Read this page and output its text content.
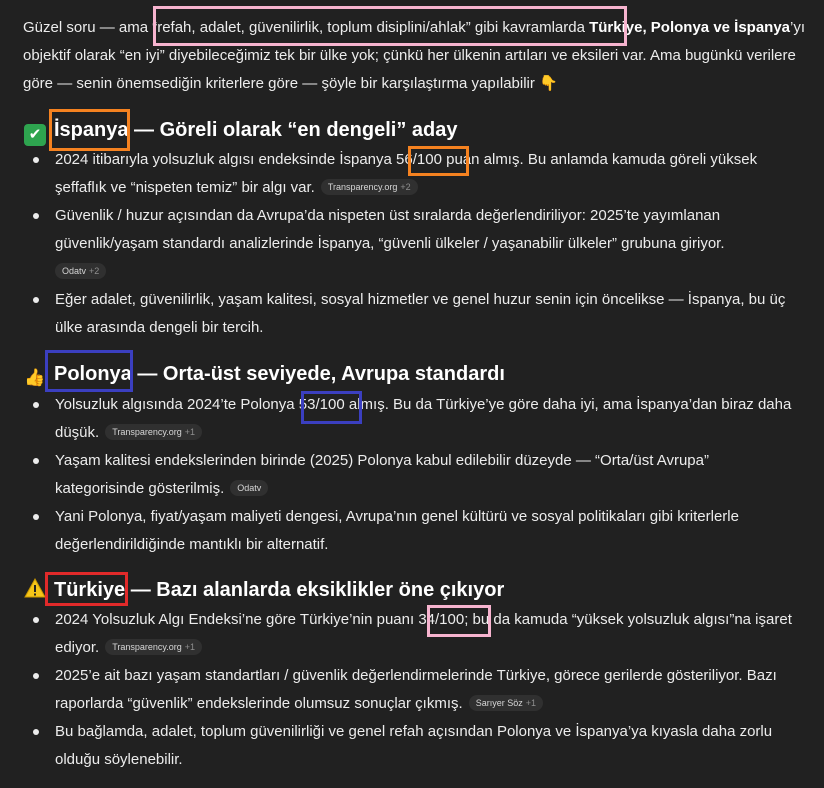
Güzel soru — ama “refah, adalet, güvenilirlik, toplum disiplini/ahlak” gibi kavramlarda Türkiye, Polonya ve İspanya’yı objektif olarak “en iyi” diyebileceğimiz tek bir ülke yok; çünkü her ülkenin artıları ve eksileri var. Ama bugünkü verilere göre — senin önemsediğin kriterlere göre — şöyle bir karşılaştırma yapılabilir 👇

✔ İspanya — Göreli olarak “en dengeli” aday
2024 itibarıyla yolsuzluk algısı endeksinde İspanya 56/100 puan almış. Bu anlamda kamuda göreli yüksek şeffaflık ve “nispeten temiz” bir algı var. Transparency.org +2
Güvenlik / huzur açısından da Avrupa’da nispeten üst sıralarda değerlendiriliyor: 2025’te yayımlanan güvenlik/yaşam standardı analizlerinde İspanya, “güvenli ülkeler / yaşanabilir ülkeler” grubuna giriyor.
Odatv +2
Eğer adalet, güvenilirlik, yaşam kalitesi, sosyal hizmetler ve genel huzur senin için öncelikse — İspanya, bu üç ülke arasında dengeli bir tercih.
👍 Polonya — Orta-üst seviyede, Avrupa standardı
Yolsuzluk algısında 2024’te Polonya 53/100 almış. Bu da Türkiye’ye göre daha iyi, ama İspanya’dan biraz daha düşük. Transparency.org +1
Yaşam kalitesi endekslerinden birinde (2025) Polonya kabul edilebilir düzeyde — “Orta/üst Avrupa” kategorisinde gösterilmiş. Odatv
Yani Polonya, fiyat/yaşam maliyeti dengesi, Avrupa’nın genel kültürü ve sosyal politikaları gibi kriterlerle değerlendirildiğinde mantıklı bir alternatif.
Türkiye — Bazı alanlarda eksiklikler öne çıkıyor
2024 Yolsuzluk Algı Endeksi’ne göre Türkiye’nin puanı 34/100; bu da kamuda “yüksek yolsuzluk algısı”na işaret ediyor. Transparency.org +1
2025’e ait bazı yaşam standartları / güvenlik değerlendirmelerinde Türkiye, görece gerilerde gösteriliyor. Bazı raporlarda “güvenlik” endekslerinde olumsuz sonuçlar çıkmış. Sarıyer Söz +1
Bu bağlamda, adalet, toplum güvenilirliği ve genel refah açısından Polonya ve İspanya’ya kıyasla daha zorlu olduğu söylenebilir.
